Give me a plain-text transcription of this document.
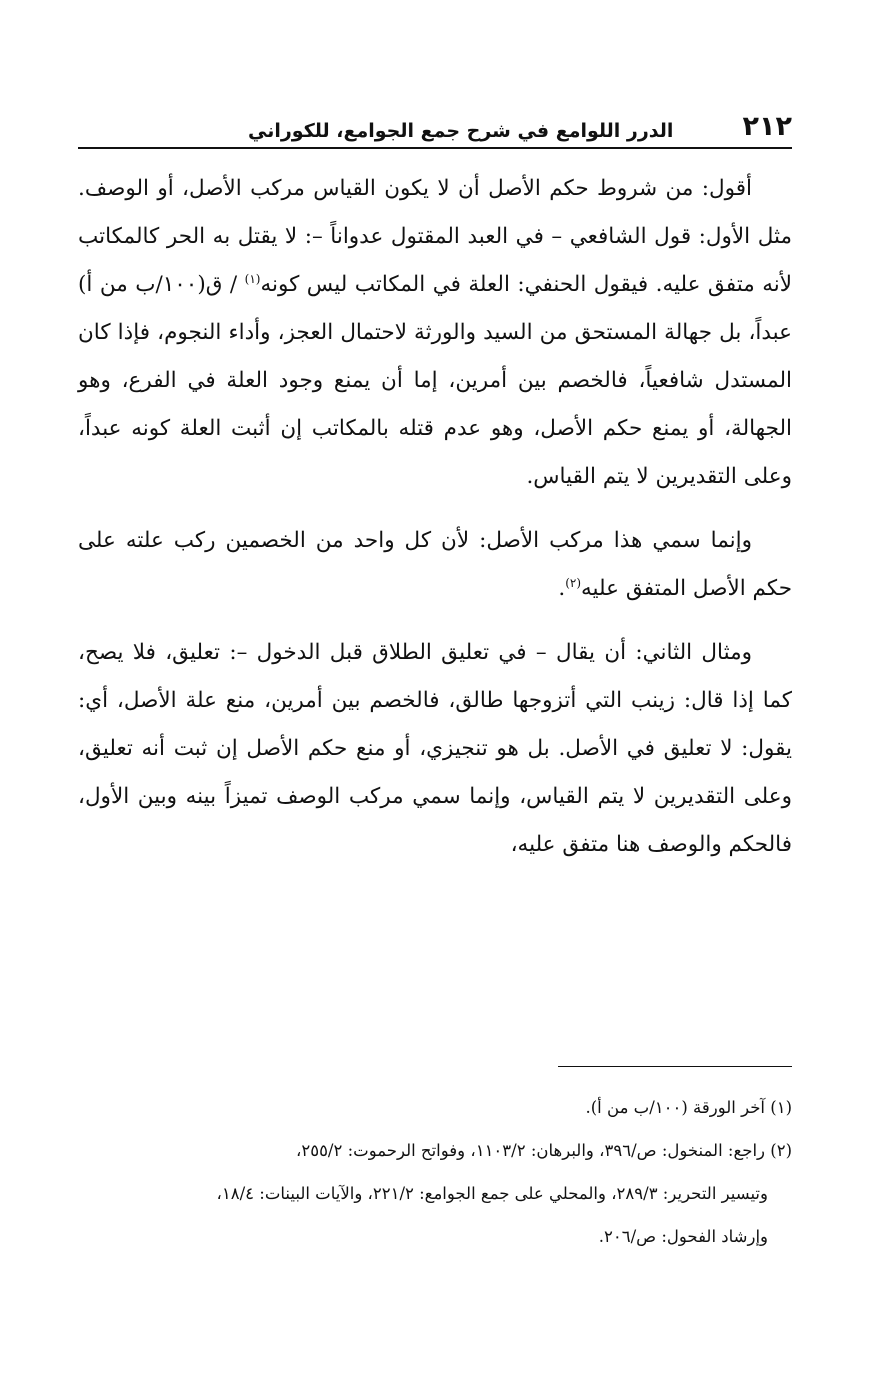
٢١٢
الدرر اللوامع في شرح جمع الجوامع، للكوراني

أقول: من شروط حكم الأصل أن لا يكون القياس مركب الأصل، أو الوصف. مثل الأول: قول الشافعي – في العبد المقتول عدواناً –: لا يقتل به الحر كالمكاتب لأنه متفق عليه. فيقول الحنفي: العلة في المكاتب ليس كونه$^{(١)}$ / ق(١٠٠/ب من أ) عبداً، بل جهالة المستحق من السيد والورثة لاحتمال العجز، وأداء النجوم، فإذا كان المستدل شافعياً، فالخصم بين أمرين، إما أن يمنع وجود العلة في الفرع، وهو الجهالة، أو يمنع حكم الأصل، وهو عدم قتله بالمكاتب إن أثبت العلة كونه عبداً، وعلى التقديرين لا يتم القياس.

وإنما سمي هذا مركب الأصل: لأن كل واحد من الخصمين ركب علته على حكم الأصل المتفق عليه$^{(٢)}$.

ومثال الثاني: أن يقال – في تعليق الطلاق قبل الدخول –: تعليق، فلا يصح، كما إذا قال: زينب التي أتزوجها طالق، فالخصم بين أمرين، منع علة الأصل، أي: يقول: لا تعليق في الأصل. بل هو تنجيزي، أو منع حكم الأصل إن ثبت أنه تعليق، وعلى التقديرين لا يتم القياس، وإنما سمي مركب الوصف تميزاً بينه وبين الأول، فالحكم والوصف هنا متفق عليه،

(١) آخر الورقة (١٠٠/ب من أ).

(٢) راجع: المنخول: ص/٣٩٦، والبرهان: ١١٠٣/٢، وفواتح الرحموت: ٢٥٥/٢،

وتيسير التحرير: ٢٨٩/٣، والمحلي على جمع الجوامع: ٢٢١/٢، والآيات البينات: ١٨/٤،

وإرشاد الفحول: ص/٢٠٦.
